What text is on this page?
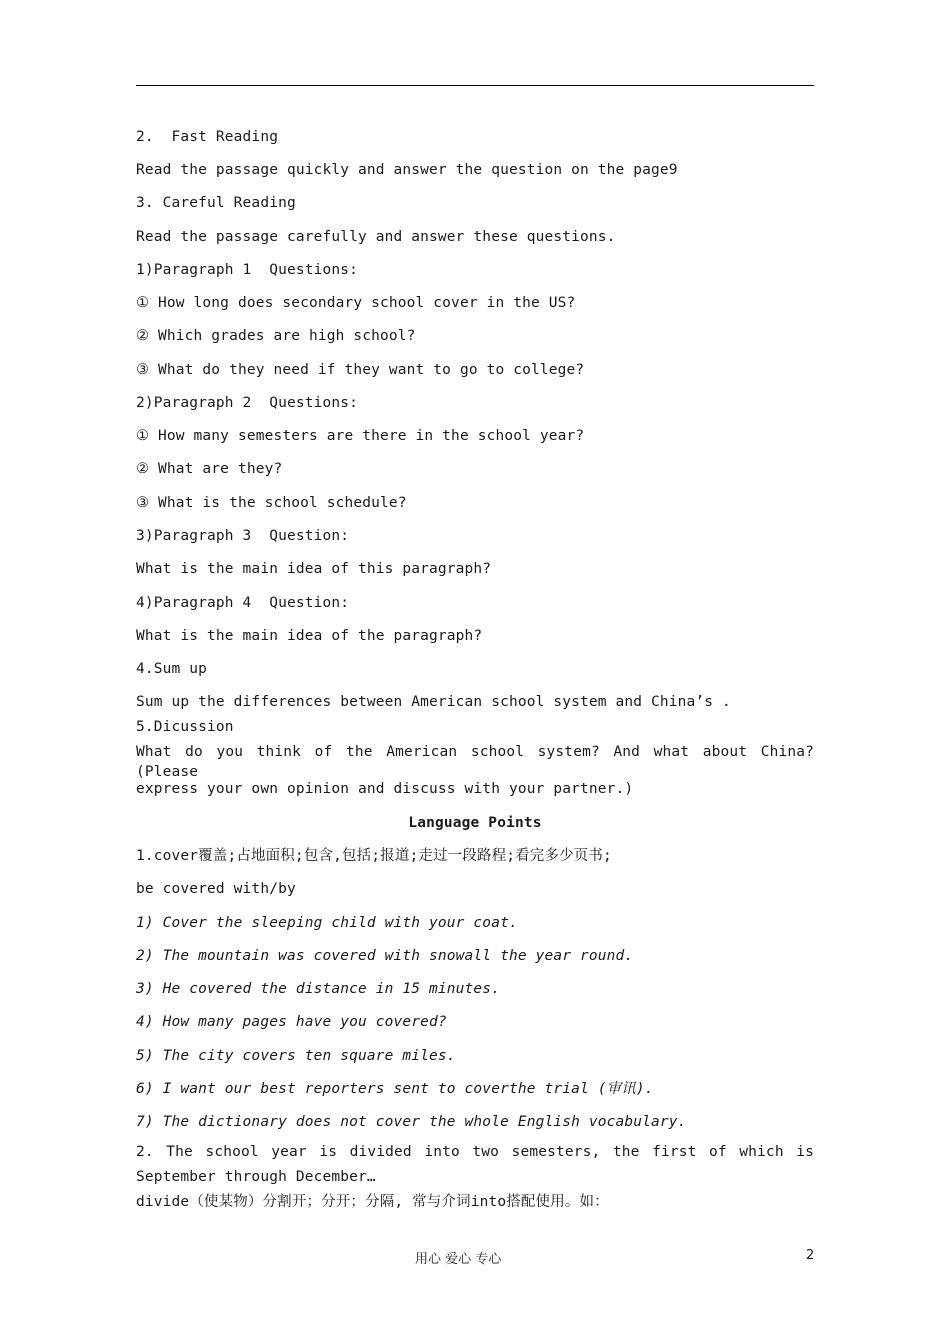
2.  Fast Reading
Read the passage quickly and answer the question on the page9
3. Careful Reading
Read the passage carefully and answer these questions.
1)Paragraph 1  Questions:
① How long does secondary school cover in the US?
② Which grades are high school?
③ What do they need if they want to go to college?
2)Paragraph 2  Questions:
① How many semesters are there in the school year?
② What are they?
③ What is the school schedule?
3)Paragraph 3  Question:
What is the main idea of this paragraph?
4)Paragraph 4  Question:
What is the main idea of the paragraph?
4.Sum up
Sum up the differences between American school system and China’s .
5.Dicussion
What do you think of the American school system? And what about China? (Please
express your own opinion and discuss with your partner.)
Language Points
1.cover覆盖;占地面积;包含,包括;报道;走过一段路程;看完多少页书;
be covered with/by
1) Cover the sleeping child with your coat.
2) The mountain was covered with snowall the year round.
3) He covered the distance in 15 minutes.
4) How many pages have you covered?
5) The city covers ten square miles.
6) I want our best reporters sent to coverthe trial (审讯).
7) The dictionary does not cover the whole English vocabulary.
2. The school year is divided into two semesters, the first of which is
September through December…
divide（使某物）分割开；分开；分隔, 常与介词into搭配使用。如：
用心 爱心 专心	2
